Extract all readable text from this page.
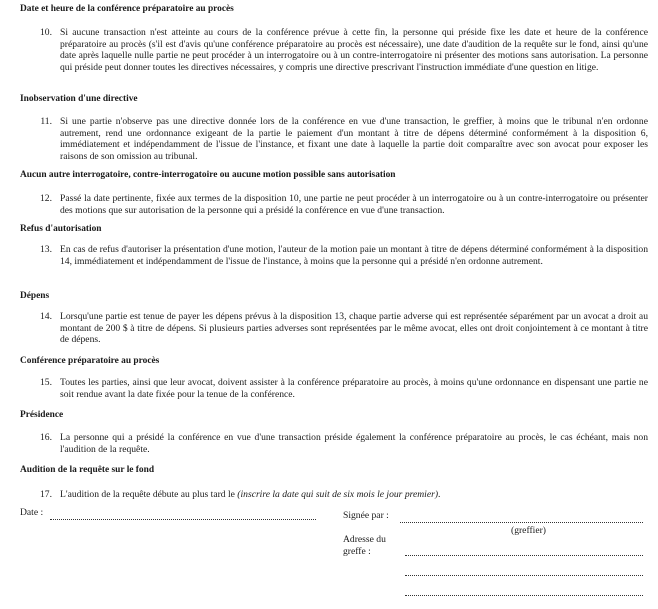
Date et heure de la conférence préparatoire au procès
10. Si aucune transaction n'est atteinte au cours de la conférence prévue à cette fin, la personne qui préside fixe les date et heure de la conférence préparatoire au procès (s'il est d'avis qu'une conférence préparatoire au procès est nécessaire), une date d'audition de la requête sur le fond, ainsi qu'une date après laquelle nulle partie ne peut procéder à un interrogatoire ou à un contre-interrogatoire ni présenter des motions sans autorisation. La personne qui préside peut donner toutes les directives nécessaires, y compris une directive prescrivant l'instruction immédiate d'une question en litige.
Inobservation d'une directive
11. Si une partie n'observe pas une directive donnée lors de la conférence en vue d'une transaction, le greffier, à moins que le tribunal n'en ordonne autrement, rend une ordonnance exigeant de la partie le paiement d'un montant à titre de dépens déterminé conformément à la disposition 6, immédiatement et indépendamment de l'issue de l'instance, et fixant une date à laquelle la partie doit comparaître avec son avocat pour exposer les raisons de son omission au tribunal.
Aucun autre interrogatoire, contre-interrogatoire ou aucune motion possible sans autorisation
12. Passé la date pertinente, fixée aux termes de la disposition 10, une partie ne peut procéder à un interrogatoire ou à un contre-interrogatoire ou présenter des motions que sur autorisation de la personne qui a présidé la conférence en vue d'une transaction.
Refus d'autorisation
13. En cas de refus d'autoriser la présentation d'une motion, l'auteur de la motion paie un montant à titre de dépens déterminé conformément à la disposition 14, immédiatement et indépendamment de l'issue de l'instance, à moins que la personne qui a présidé n'en ordonne autrement.
Dépens
14. Lorsqu'une partie est tenue de payer les dépens prévus à la disposition 13, chaque partie adverse qui est représentée séparément par un avocat a droit au montant de 200 $ à titre de dépens. Si plusieurs parties adverses sont représentées par le même avocat, elles ont droit conjointement à ce montant à titre de dépens.
Conférence préparatoire au procès
15. Toutes les parties, ainsi que leur avocat, doivent assister à la conférence préparatoire au procès, à moins qu'une ordonnance en dispensant une partie ne soit rendue avant la date fixée pour la tenue de la conférence.
Présidence
16. La personne qui a présidé la conférence en vue d'une transaction préside également la conférence préparatoire au procès, le cas échéant, mais non l'audition de la requête.
Audition de la requête sur le fond
17. L'audition de la requête débute au plus tard le (inscrire la date qui suit de six mois le jour premier).
Date :	Signée par :
(greffier)
Adresse du
greffe :
